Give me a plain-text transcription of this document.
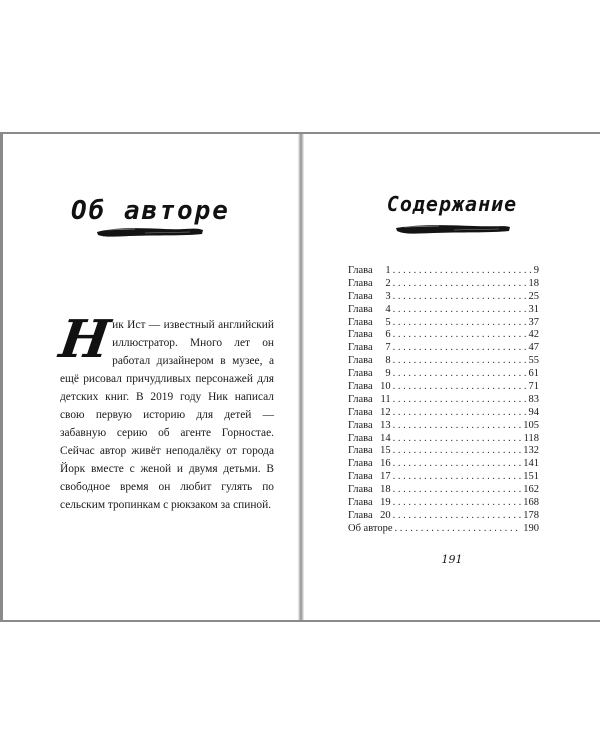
Об авторе
Н
ик Ист — известный английский иллюстратор. Много лет он работал дизайнером в музее, а ещё рисовал причудливых персонажей для детских книг. В 2019 году Ник написал свою первую историю для детей — забавную серию об агенте Горностае. Сейчас автор живёт неподалёку от города Йорк вместе с женой и двумя детьми. В свободное время он любит гулять по сельским тропинкам с рюкзаком за спиной.
Содержание
Глава	1 . . .	9
Глава	2 . . .	18
Глава	3 . . .	25
Глава	4 . . .	31
Глава	5 . . .	37
Глава	6 . . .	42
Глава	7 . . .	47
Глава	8 . . .	55
Глава	9 . . .	61
Глава 10 . . .	71
Глава 11 . . .	83
Глава 12 . . .	94
Глава 13 . . .	105
Глава 14 . . .	118
Глава 15 . . .	132
Глава 16 . . .	141
Глава 17 . . .	151
Глава 18 . . .	162
Глава 19 . . .	168
Глава 20 . . .	178
Об авторе . . .	190
191
